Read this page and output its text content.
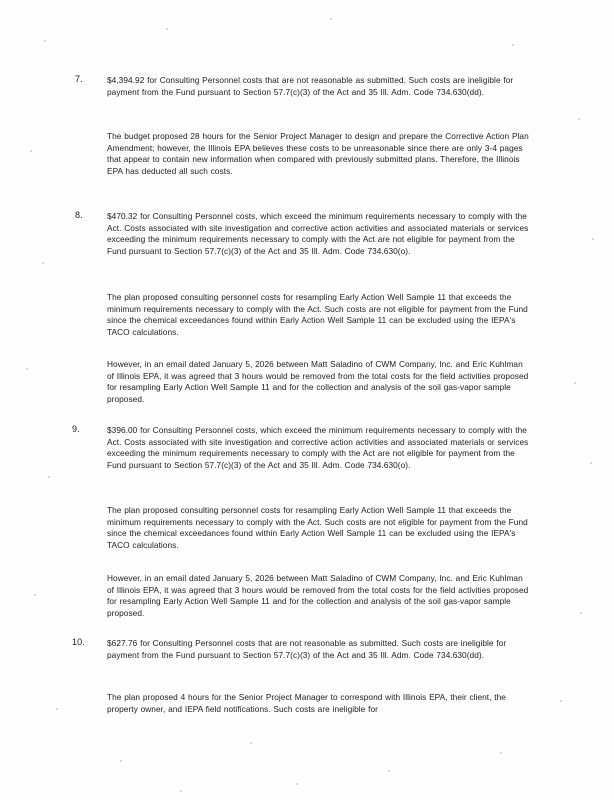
7.	$4,394.92 for Consulting Personnel costs that are not reasonable as submitted. Such costs are ineligible for payment from the Fund pursuant to Section 57.7(c)(3) of the Act and 35 Ill. Adm. Code 734.630(dd).

The budget proposed 28 hours for the Senior Project Manager to design and prepare the Corrective Action Plan Amendment; however, the Illinois EPA believes these costs to be unreasonable since there are only 3-4 pages that appear to contain new information when compared with previously submitted plans. Therefore, the Illinois EPA has deducted all such costs.

8.	$470.32 for Consulting Personnel costs, which exceed the minimum requirements necessary to comply with the Act. Costs associated with site investigation and corrective action activities and associated materials or services exceeding the minimum requirements necessary to comply with the Act are not eligible for payment from the Fund pursuant to Section 57.7(c)(3) of the Act and 35 Ill. Adm. Code 734.630(o).

The plan proposed consulting personnel costs for resampling Early Action Well Sample 11 that exceeds the minimum requirements necessary to comply with the Act. Such costs are not eligible for payment from the Fund since the chemical exceedances found within Early Action Well Sample 11 can be excluded using the IEPA's TACO calculations.

However, in an email dated January 5, 2026 between Matt Saladino of CWM Company, Inc. and Eric Kuhlman of Illinois EPA, it was agreed that 3 hours would be removed from the total costs for the field activities proposed for resampling Early Action Well Sample 11 and for the collection and analysis of the soil gas-vapor sample proposed.

9.	$396.00 for Consulting Personnel costs, which exceed the minimum requirements necessary to comply with the Act. Costs associated with site investigation and corrective action activities and associated materials or services exceeding the minimum requirements necessary to comply with the Act are not eligible for payment from the Fund pursuant to Section 57.7(c)(3) of the Act and 35 Ill. Adm. Code 734.630(o).

The plan proposed consulting personnel costs for resampling Early Action Well Sample 11 that exceeds the minimum requirements necessary to comply with the Act. Such costs are not eligible for payment from the Fund since the chemical exceedances found within Early Action Well Sample 11 can be excluded using the IEPA's TACO calculations.

However, in an email dated January 5, 2026 between Matt Saladino of CWM Company, Inc. and Eric Kuhlman of Illinois EPA, it was agreed that 3 hours would be removed from the total costs for the field activities proposed for resampling Early Action Well Sample 11 and for the collection and analysis of the soil gas-vapor sample proposed.

10.	$627.76 for Consulting Personnel costs that are not reasonable as submitted. Such costs are ineligible for payment from the Fund pursuant to Section 57.7(c)(3) of the Act and 35 Ill. Adm. Code 734.630(dd).

The plan proposed 4 hours for the Senior Project Manager to correspond with Illinois EPA, their client, the property owner, and IEPA field notifications. Such costs are ineligible for
